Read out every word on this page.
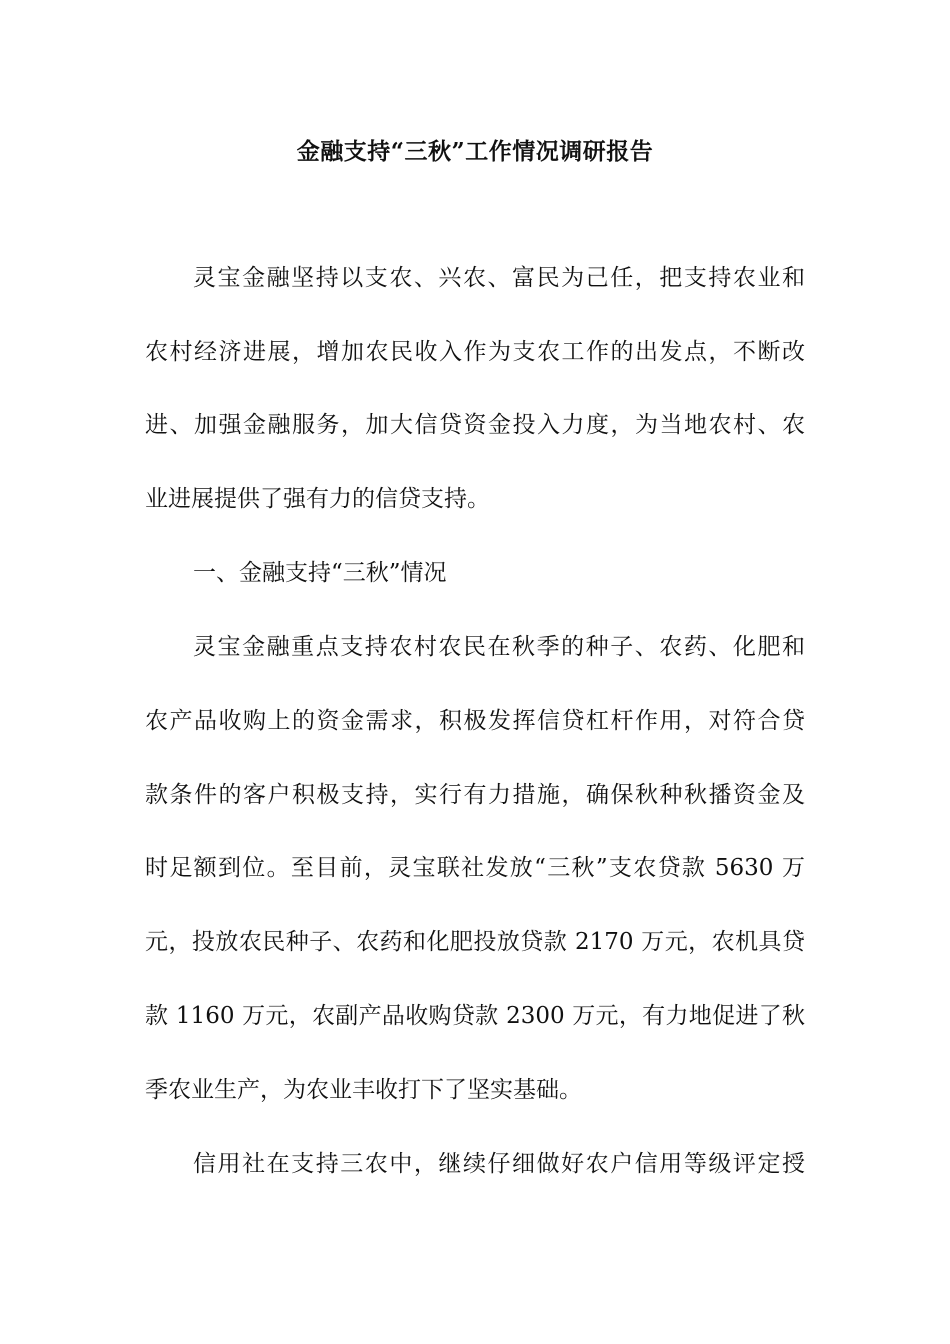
金融支持“三秋”工作情况调研报告
灵宝金融坚持以支农、兴农、富民为己任，把支持农业和
农村经济进展，增加农民收入作为支农工作的出发点，不断改
进、加强金融服务，加大信贷资金投入力度，为当地农村、农
业进展提供了强有力的信贷支持。
一、金融支持“三秋”情况
灵宝金融重点支持农村农民在秋季的种子、农药、化肥和
农产品收购上的资金需求，积极发挥信贷杠杆作用，对符合贷
款条件的客户积极支持，实行有力措施，确保秋种秋播资金及
时足额到位。至目前，灵宝联社发放“三秋”支农贷款 5630 万
元，投放农民种子、农药和化肥投放贷款 2170 万元，农机具贷
款 1160 万元，农副产品收购贷款 2300 万元，有力地促进了秋
季农业生产，为农业丰收打下了坚实基础。
信用社在支持三农中，继续仔细做好农户信用等级评定授
